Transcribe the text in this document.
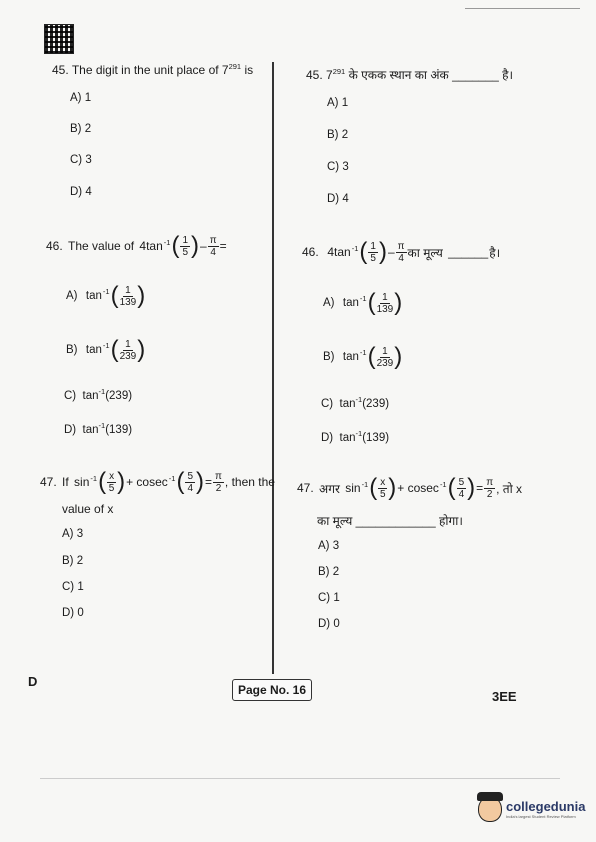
45. The digit in the unit place of $7^{291}$ is
A) 1
B) 2
C) 3
D) 4
45. $7^{291}$ के एकक स्थान का अंक _______ है।
A) 1
B) 2
C) 3
D) 4
46.
The value of
$4\tan^{-1}$ ( $\frac{1}{5}$ ) – $\frac{\pi}{4}$ =
A)
$\tan^{-1}$ ( $\frac{1}{139}$ )
B)
$\tan^{-1}$ ( $\frac{1}{239}$ )
C) $\tan^{-1}(239)$
D) $\tan^{-1}(139)$
46.
$4\tan^{-1}$ ( $\frac{1}{5}$ ) – $\frac{\pi}{4}$ का मूल्य
______ है।
A)
$\tan^{-1}$ ( $\frac{1}{139}$ )
B)
$\tan^{-1}$ ( $\frac{1}{239}$ )
C) $\tan^{-1}(239)$
D) $\tan^{-1}(139)$
47.
If
$\sin^{-1}$ ( $\frac{x}{5}$ ) + cosec$^{-1}$ ( $\frac{5}{4}$ ) = $\frac{\pi}{2}$ , then the
value of x
A) 3
B) 2
C) 1
D) 0
47.
अगर
$\sin^{-1}$ ( $\frac{x}{5}$ ) + cosec$^{-1}$ ( $\frac{5}{4}$ ) = $\frac{\pi}{2}$ , तो x
का मूल्य ____________ होगा।
A) 3
B) 2
C) 1
D) 0
D
Page No. 16	3EE
collegedunia
India's largest Student Review Platform
